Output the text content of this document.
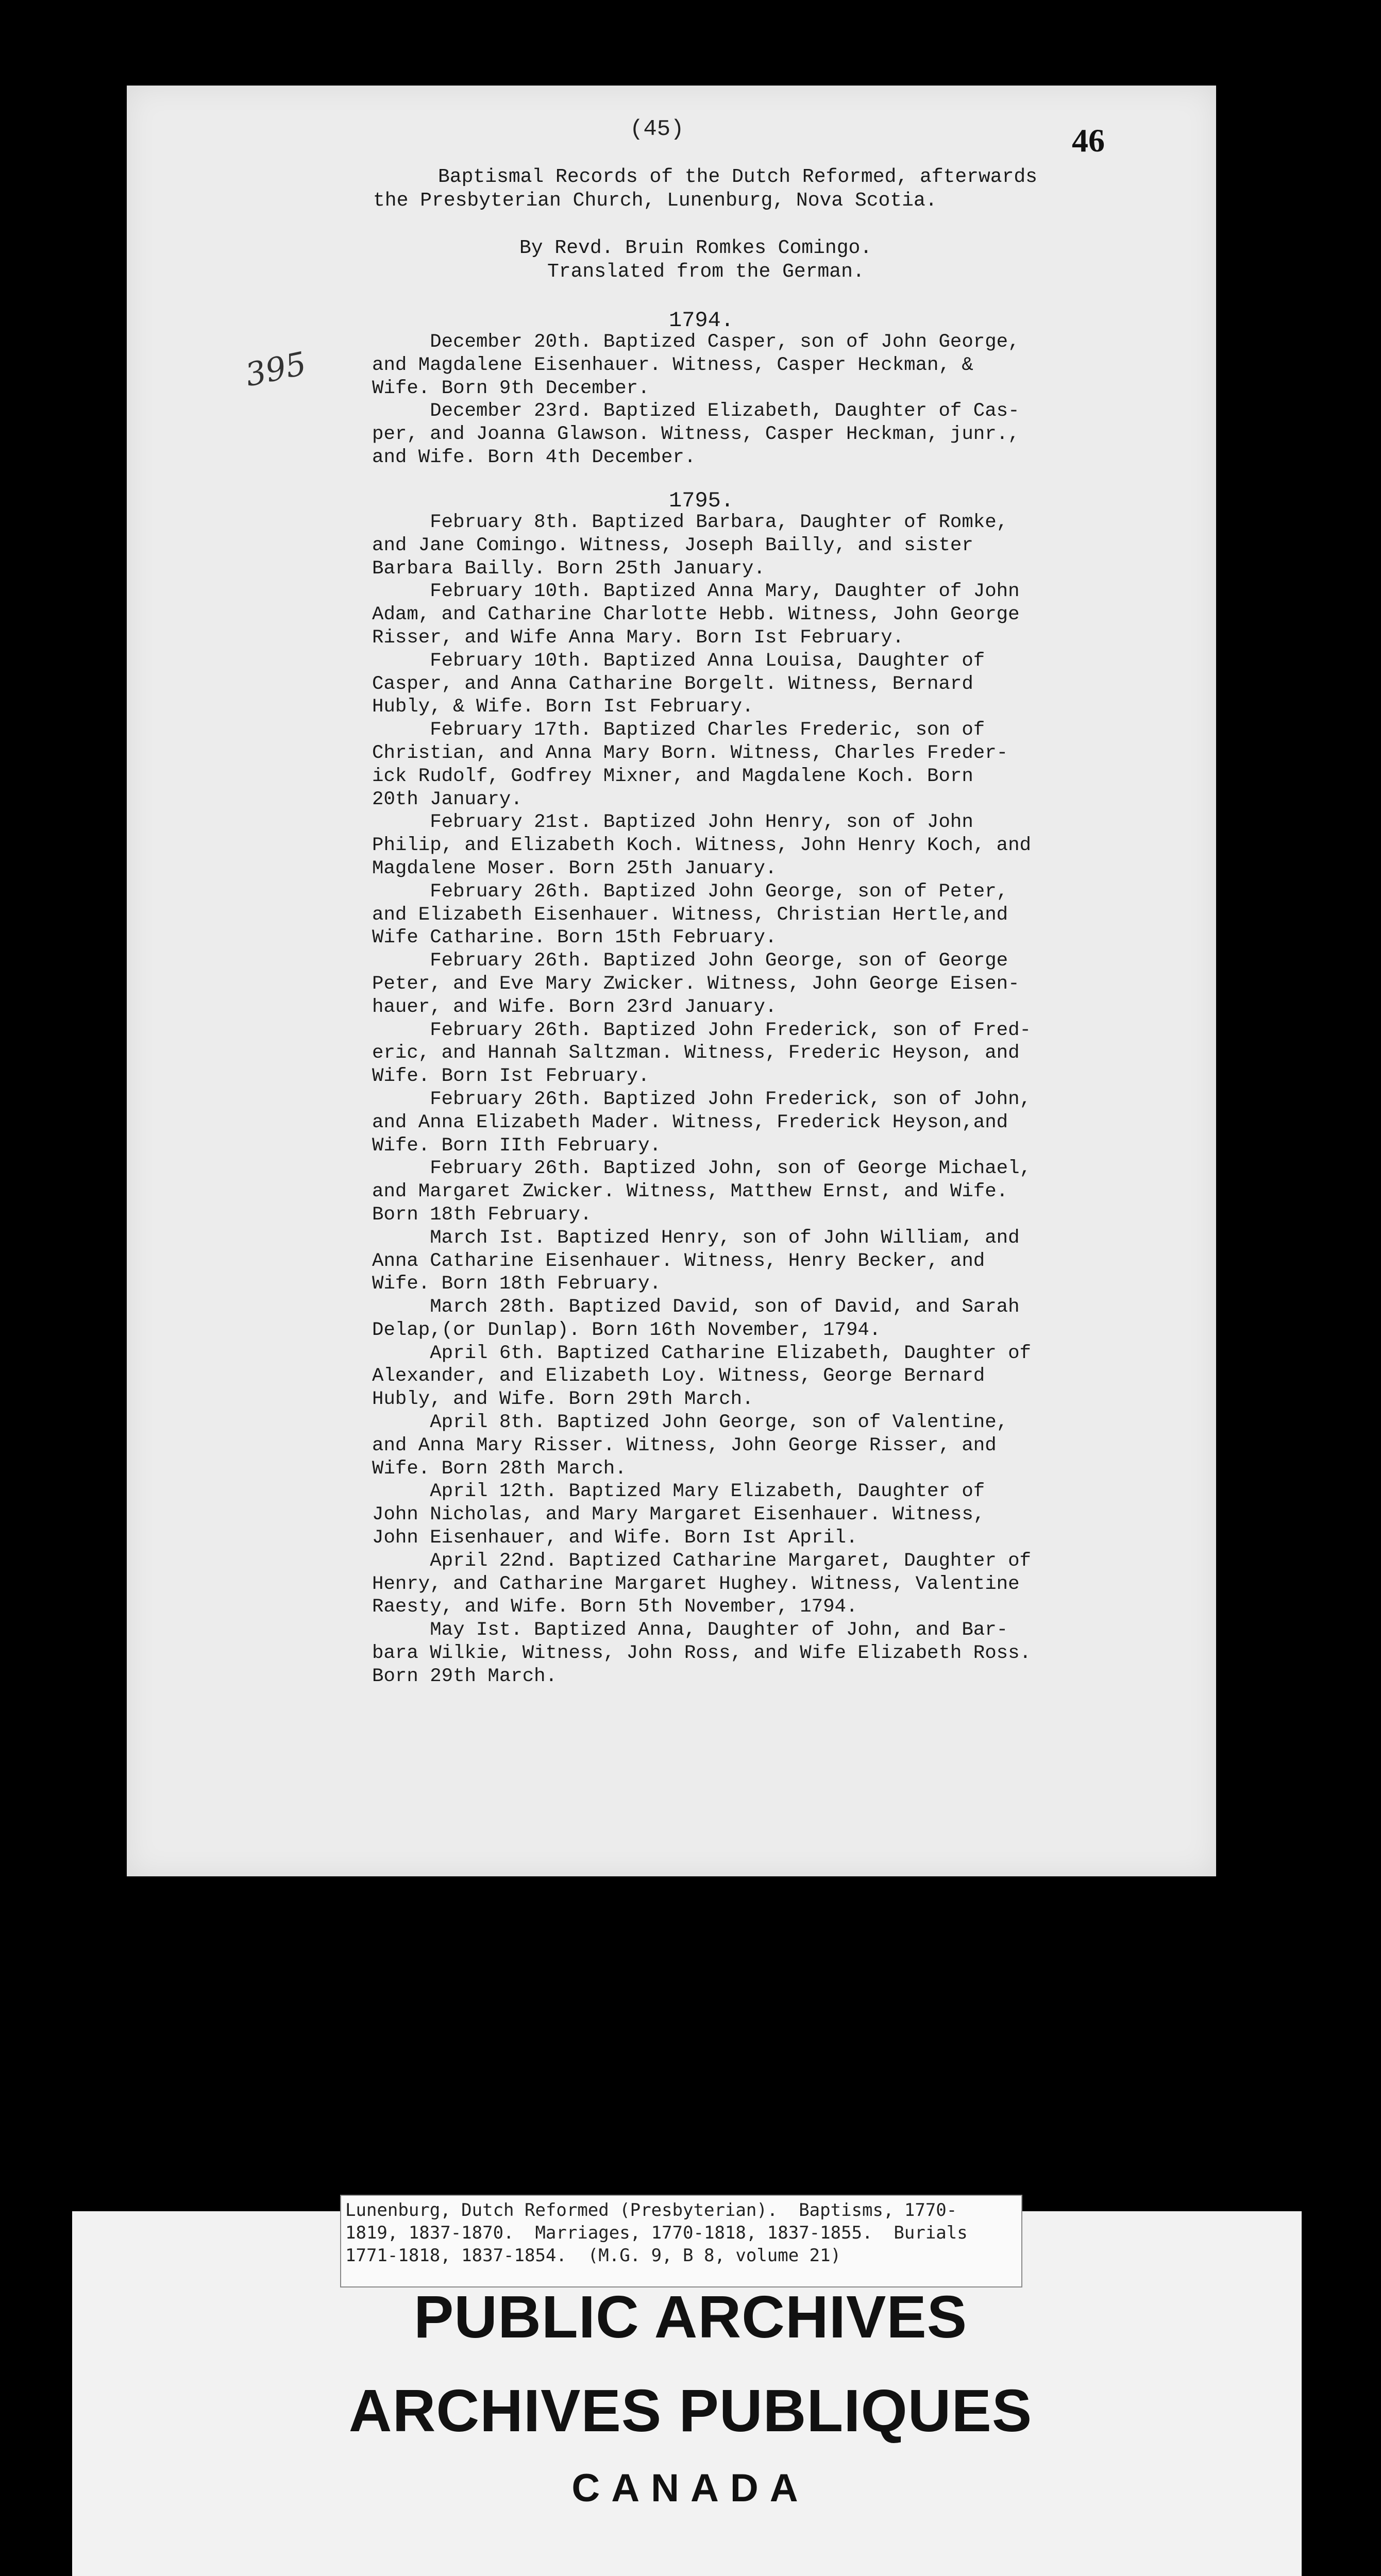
(45)	46
395
Baptismal Records of the Dutch Reformed, afterwards
the Presbyterian Church, Lunenburg, Nova Scotia.
By Revd. Bruin Romkes Comingo.
Translated from the German.
1794.
December 20th. Baptized Casper, son of John George,
and Magdalene Eisenhauer. Witness, Casper Heckman, &
Wife. Born 9th December.
December 23rd. Baptized Elizabeth, Daughter of Cas-
per, and Joanna Glawson. Witness, Casper Heckman, junr.,
and Wife. Born 4th December.
1795.
February 8th. Baptized Barbara, Daughter of Romke,
and Jane Comingo. Witness, Joseph Bailly, and sister
Barbara Bailly. Born 25th January.
February 10th. Baptized Anna Mary, Daughter of John
Adam, and Catharine Charlotte Hebb. Witness, John George
Risser, and Wife Anna Mary. Born Ist February.
February 10th. Baptized Anna Louisa, Daughter of
Casper, and Anna Catharine Borgelt. Witness, Bernard
Hubly, & Wife. Born Ist February.
February 17th. Baptized Charles Frederic, son of
Christian, and Anna Mary Born. Witness, Charles Freder-
ick Rudolf, Godfrey Mixner, and Magdalene Koch. Born
20th January.
February 21st. Baptized John Henry, son of John
Philip, and Elizabeth Koch. Witness, John Henry Koch, and
Magdalene Moser. Born 25th January.
February 26th. Baptized John George, son of Peter,
and Elizabeth Eisenhauer. Witness, Christian Hertle,and
Wife Catharine. Born 15th February.
February 26th. Baptized John George, son of George
Peter, and Eve Mary Zwicker. Witness, John George Eisen-
hauer, and Wife. Born 23rd January.
February 26th. Baptized John Frederick, son of Fred-
eric, and Hannah Saltzman. Witness, Frederic Heyson, and
Wife. Born Ist February.
February 26th. Baptized John Frederick, son of John,
and Anna Elizabeth Mader. Witness, Frederick Heyson,and
Wife. Born IIth February.
February 26th. Baptized John, son of George Michael,
and Margaret Zwicker. Witness, Matthew Ernst, and Wife.
Born 18th February.
March Ist. Baptized Henry, son of John William, and
Anna Catharine Eisenhauer. Witness, Henry Becker, and
Wife. Born 18th February.
March 28th. Baptized David, son of David, and Sarah
Delap,(or Dunlap). Born 16th November, 1794.
April 6th. Baptized Catharine Elizabeth, Daughter of
Alexander, and Elizabeth Loy. Witness, George Bernard
Hubly, and Wife. Born 29th March.
April 8th. Baptized John George, son of Valentine,
and Anna Mary Risser. Witness, John George Risser, and
Wife. Born 28th March.
April 12th. Baptized Mary Elizabeth, Daughter of
John Nicholas, and Mary Margaret Eisenhauer. Witness,
John Eisenhauer, and Wife. Born Ist April.
April 22nd. Baptized Catharine Margaret, Daughter of
Henry, and Catharine Margaret Hughey. Witness, Valentine
Raesty, and Wife. Born 5th November, 1794.
May Ist. Baptized Anna, Daughter of John, and Bar-
bara Wilkie, Witness, John Ross, and Wife Elizabeth Ross.
Born 29th March.
Lunenburg, Dutch Reformed (Presbyterian).  Baptisms, 1770-
1819, 1837-1870.  Marriages, 1770-1818, 1837-1855.  Burials
1771-1818, 1837-1854.  (M.G. 9, B 8, volume 21)
PUBLIC ARCHIVES
ARCHIVES PUBLIQUES
CANADA
